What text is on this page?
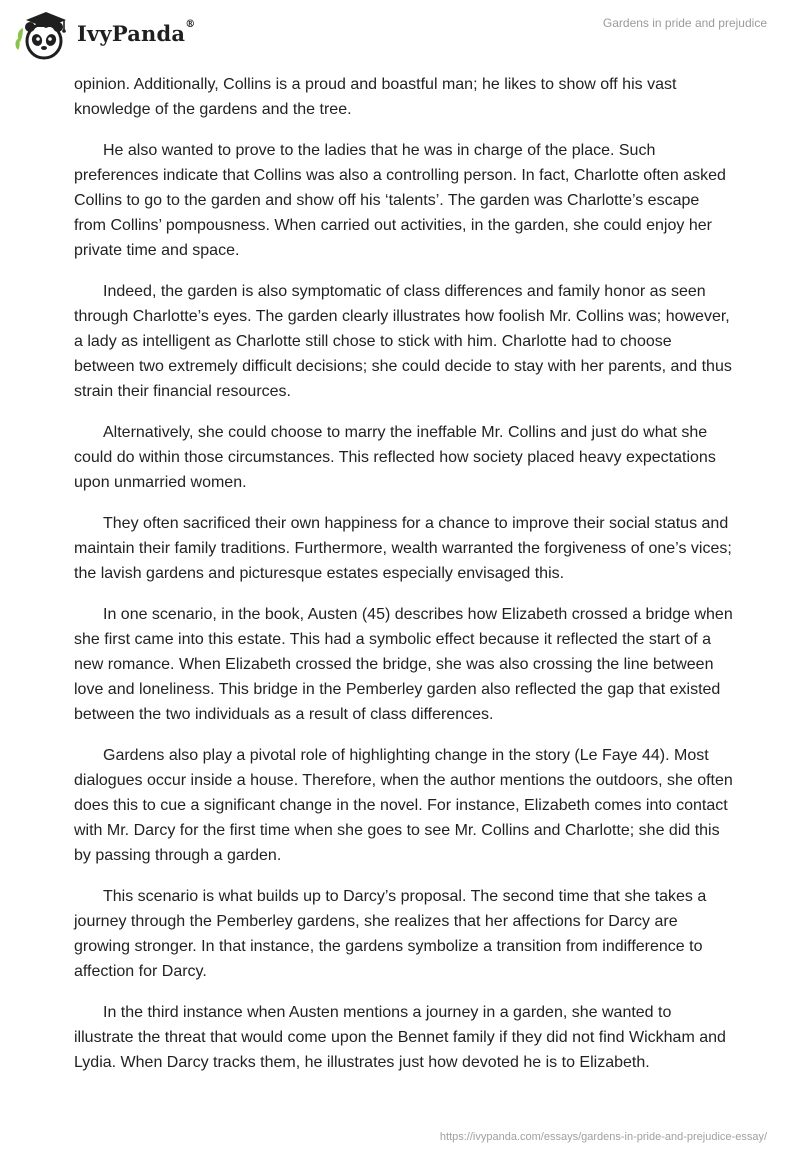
IvyPanda®	Gardens in pride and prejudice

opinion. Additionally, Collins is a proud and boastful man; he likes to show off his vast knowledge of the gardens and the tree.

He also wanted to prove to the ladies that he was in charge of the place. Such preferences indicate that Collins was also a controlling person. In fact, Charlotte often asked Collins to go to the garden and show off his ‘talents’. The garden was Charlotte’s escape from Collins’ pompousness. When carried out activities, in the garden, she could enjoy her private time and space.

Indeed, the garden is also symptomatic of class differences and family honor as seen through Charlotte’s eyes. The garden clearly illustrates how foolish Mr. Collins was; however, a lady as intelligent as Charlotte still chose to stick with him. Charlotte had to choose between two extremely difficult decisions; she could decide to stay with her parents, and thus strain their financial resources.

Alternatively, she could choose to marry the ineffable Mr. Collins and just do what she could do within those circumstances. This reflected how society placed heavy expectations upon unmarried women.

They often sacrificed their own happiness for a chance to improve their social status and maintain their family traditions. Furthermore, wealth warranted the forgiveness of one’s vices; the lavish gardens and picturesque estates especially envisaged this.

In one scenario, in the book, Austen (45) describes how Elizabeth crossed a bridge when she first came into this estate. This had a symbolic effect because it reflected the start of a new romance. When Elizabeth crossed the bridge, she was also crossing the line between love and loneliness. This bridge in the Pemberley garden also reflected the gap that existed between the two individuals as a result of class differences.

Gardens also play a pivotal role of highlighting change in the story (Le Faye 44). Most dialogues occur inside a house. Therefore, when the author mentions the outdoors, she often does this to cue a significant change in the novel. For instance, Elizabeth comes into contact with Mr. Darcy for the first time when she goes to see Mr. Collins and Charlotte; she did this by passing through a garden.

This scenario is what builds up to Darcy’s proposal. The second time that she takes a journey through the Pemberley gardens, she realizes that her affections for Darcy are growing stronger. In that instance, the gardens symbolize a transition from indifference to affection for Darcy.

In the third instance when Austen mentions a journey in a garden, she wanted to illustrate the threat that would come upon the Bennet family if they did not find Wickham and Lydia. When Darcy tracks them, he illustrates just how devoted he is to Elizabeth.

https://ivypanda.com/essays/gardens-in-pride-and-prejudice-essay/
